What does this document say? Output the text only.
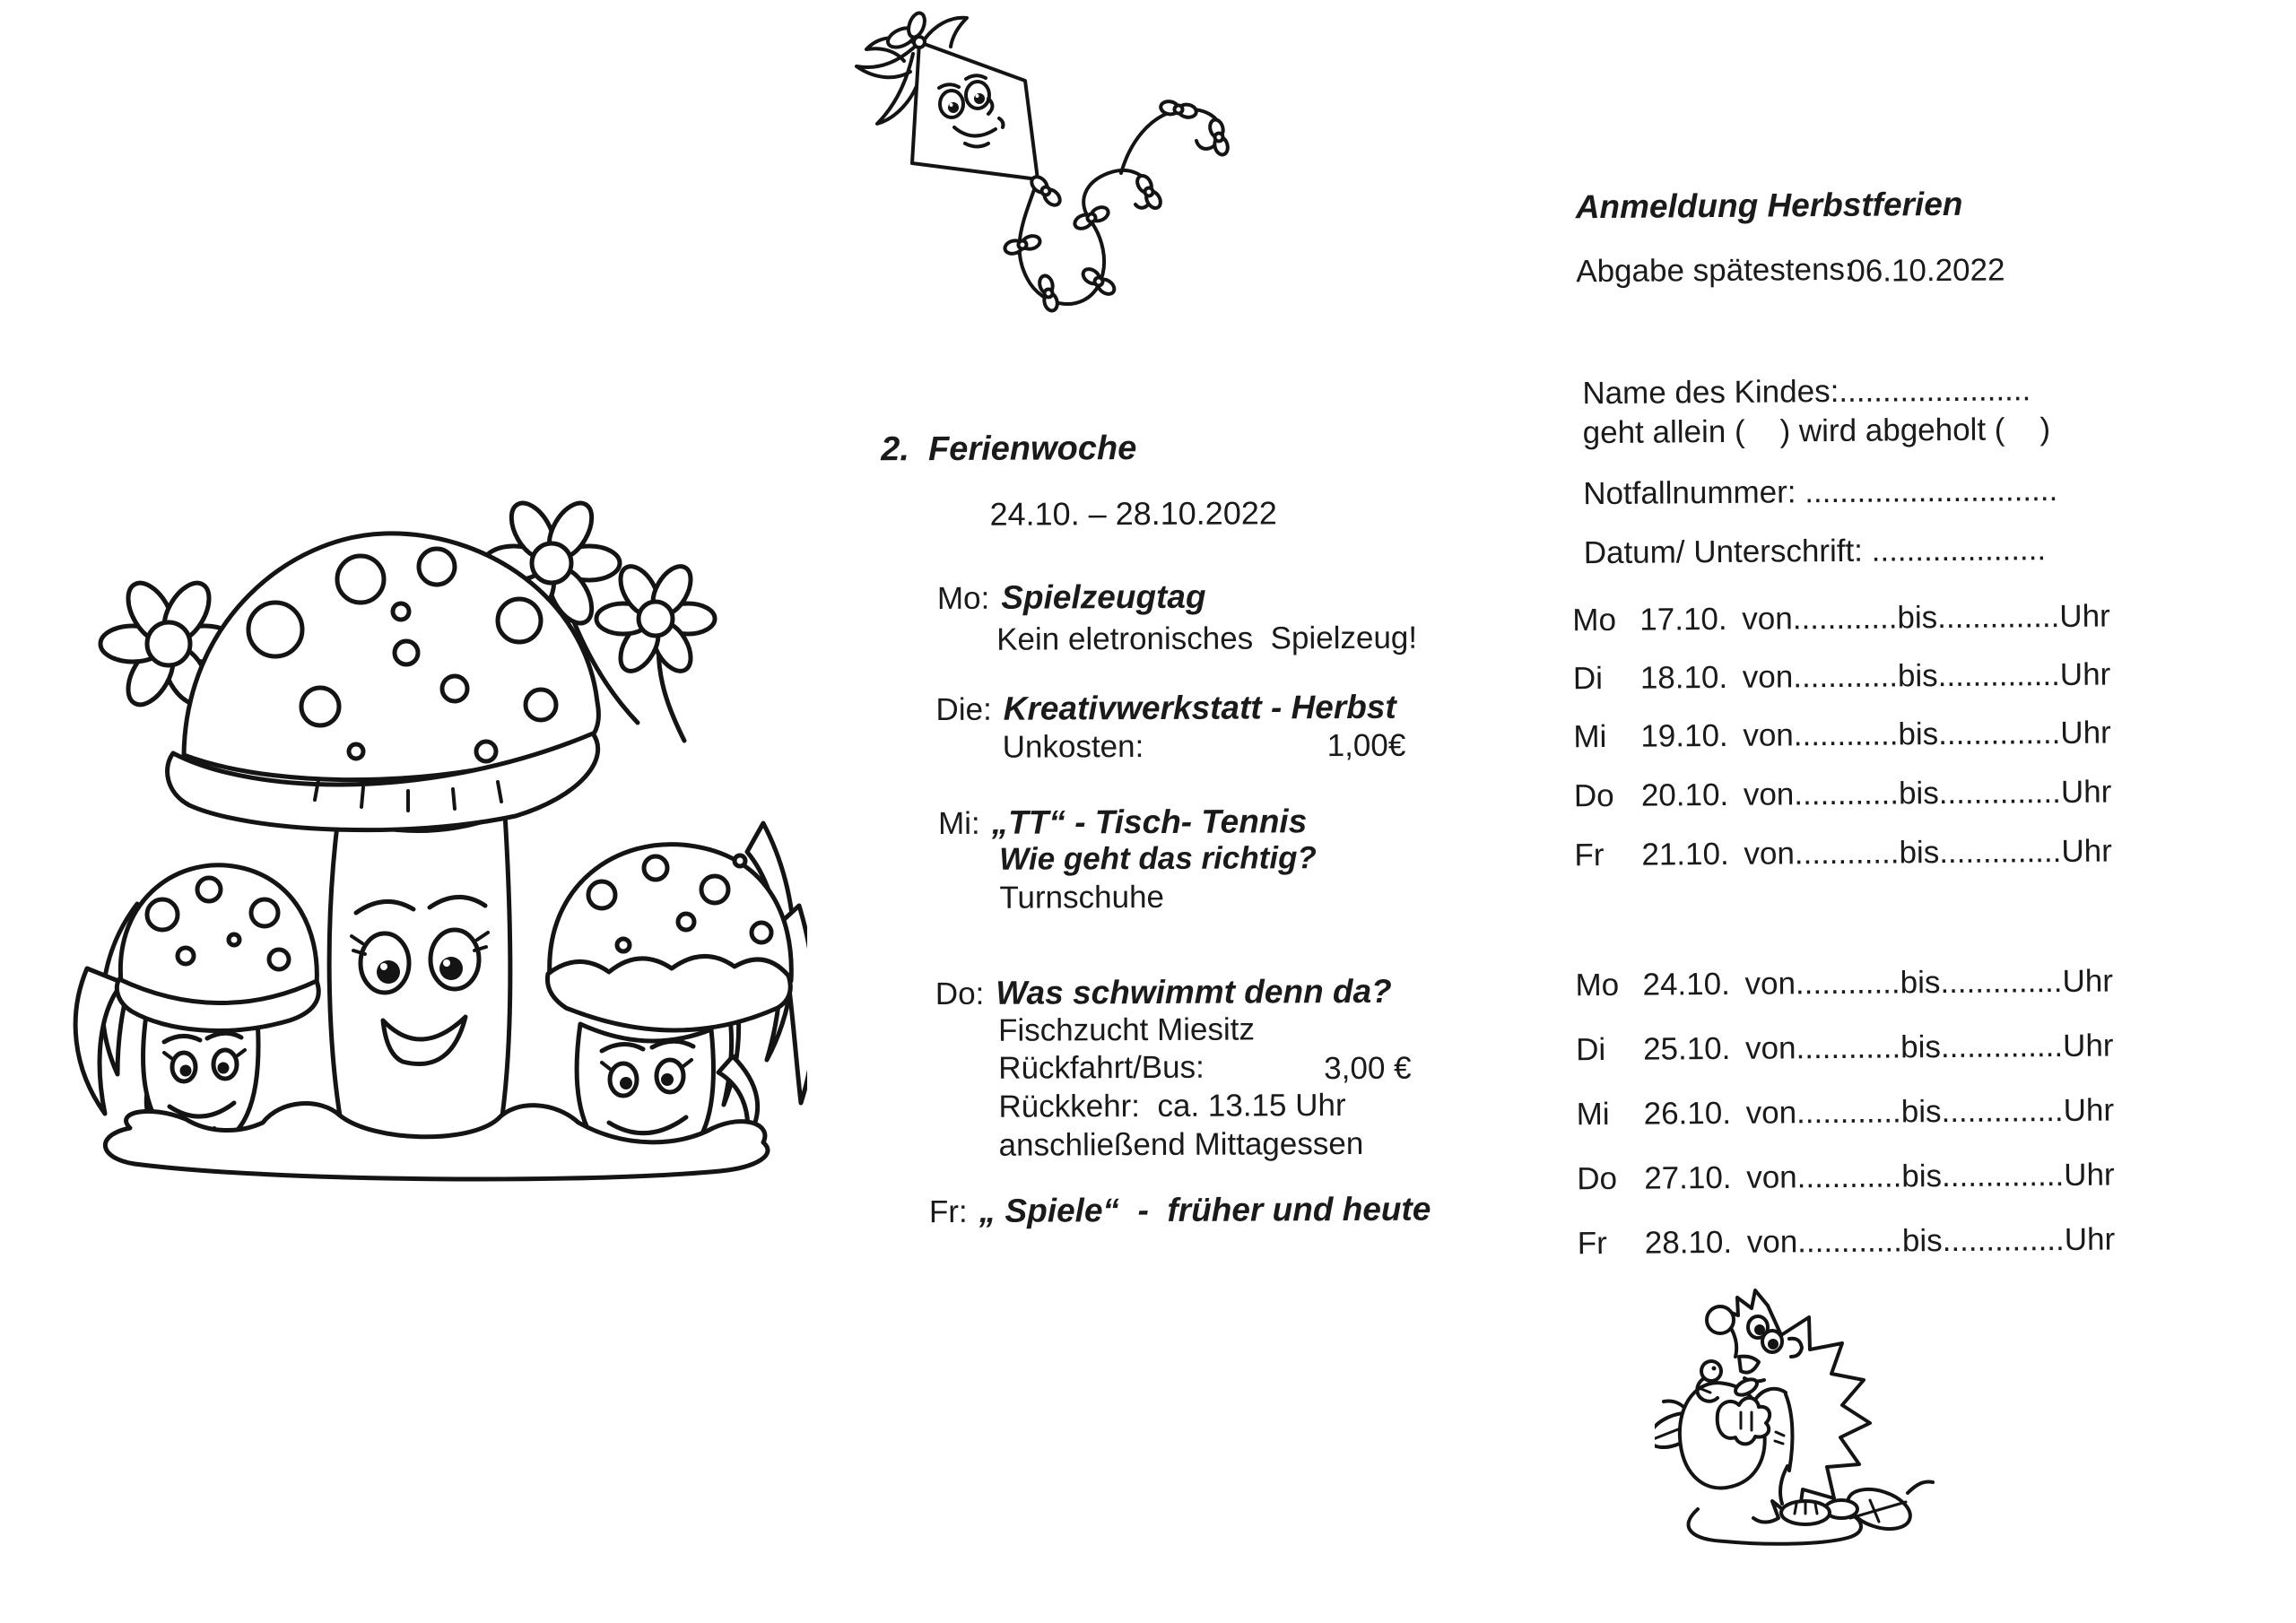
2.  Ferienwoche
24.10. – 28.10.2022
Mo: Spielzeugtag
Kein eletronisches  Spielzeug!
Die: Kreativwerkstatt - Herbst
Unkosten:	1,00€
Mi: „TT“ - Tisch- Tennis
Wie geht das richtig?
Turnschuhe
Do: Was schwimmt denn da?
Fischzucht Miesitz
Rückfahrt/Bus:	3,00 €
Rückkehr:  ca. 13.15 Uhr
anschließend Mittagessen
Fr: „ Spiele“  -  früher und heute
Anmeldung Herbstferien
Abgabe spätestens:
06.10.2022
Name des Kindes:......................
geht allein (    ) wird abgeholt (    )
Notfallnummer: .............................
Datum/ Unterschrift: ....................
Mo 17.10. von............bis..............Uhr
Di 18.10. von............bis..............Uhr
Mi 19.10. von............bis..............Uhr
Do 20.10. von............bis..............Uhr
Fr 21.10. von............bis..............Uhr
Mo 24.10. von............bis..............Uhr
Di 25.10. von............bis..............Uhr
Mi 26.10. von............bis..............Uhr
Do 27.10. von............bis..............Uhr
Fr 28.10. von............bis..............Uhr
